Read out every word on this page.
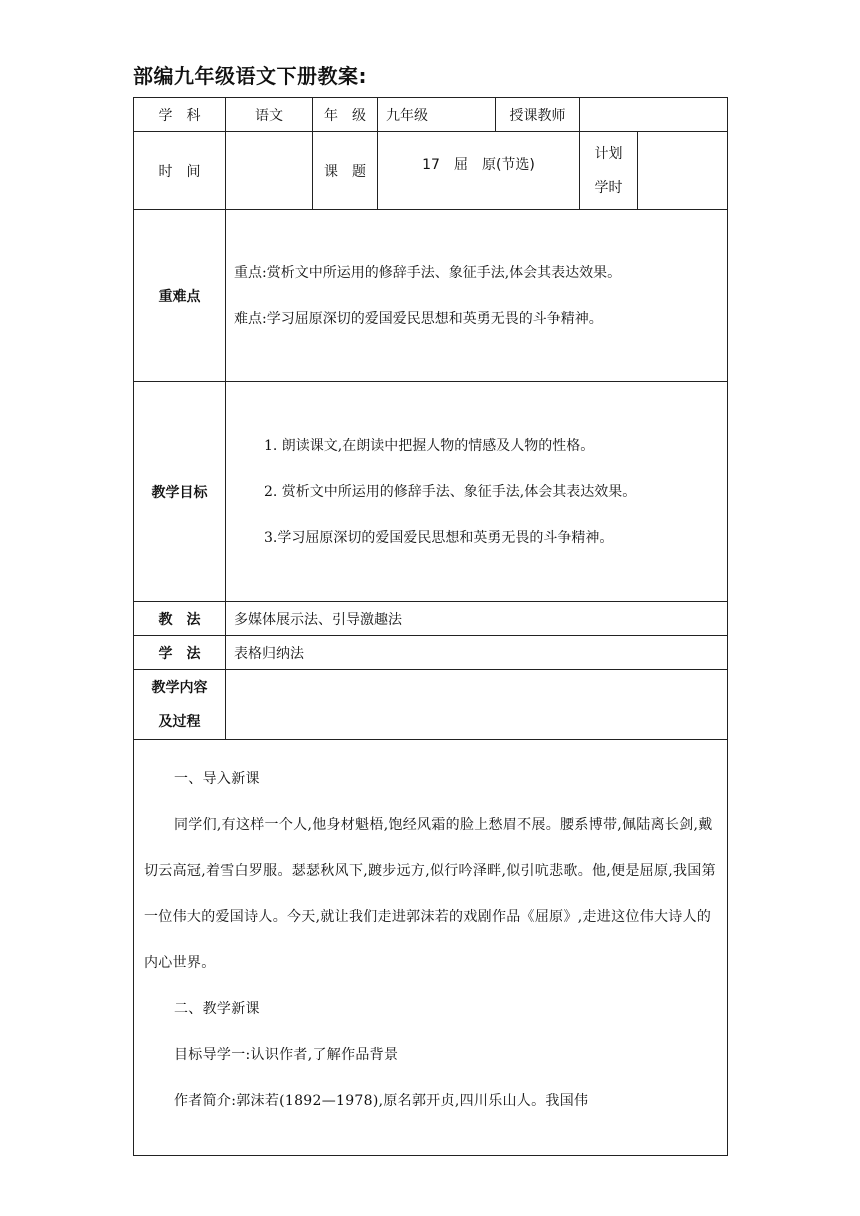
部编九年级语文下册教案:
学　科	语文	年　级	九年级	授课教师		
时　间		课　题	17　屈　原(节选)		计划
学时	

重难点	重点:赏析文中所运用的修辞手法、象征手法,体会其表达效果。

难点:学习屈原深切的爱国爱民思想和英勇无畏的斗争精神。					

教学目标	1. 朗读课文,在朗读中把握人物的情感及人物的性格。

2. 赏析文中所运用的修辞手法、象征手法,体会其表达效果。

3.学习屈原深切的爱国爱民思想和英勇无畏的斗争精神。					

教　法	多媒体展示法、引导激趣法					
学　法	表格归纳法					

教学内容
及过程						

一、导入新课

同学们,有这样一个人,他身材魁梧,饱经风霜的脸上愁眉不展。腰系博带,佩陆离长剑,戴切云高冠,着雪白罗服。瑟瑟秋风下,踱步远方,似行吟泽畔,似引吭悲歌。他,便是屈原,我国第一位伟大的爱国诗人。今天,就让我们走进郭沫若的戏剧作品《屈原》,走进这位伟大诗人的内心世界。

二、教学新课

目标导学一:认识作者,了解作品背景

作者简介:郭沫若(1892—1978),原名郭开贞,四川乐山人。我国伟						
